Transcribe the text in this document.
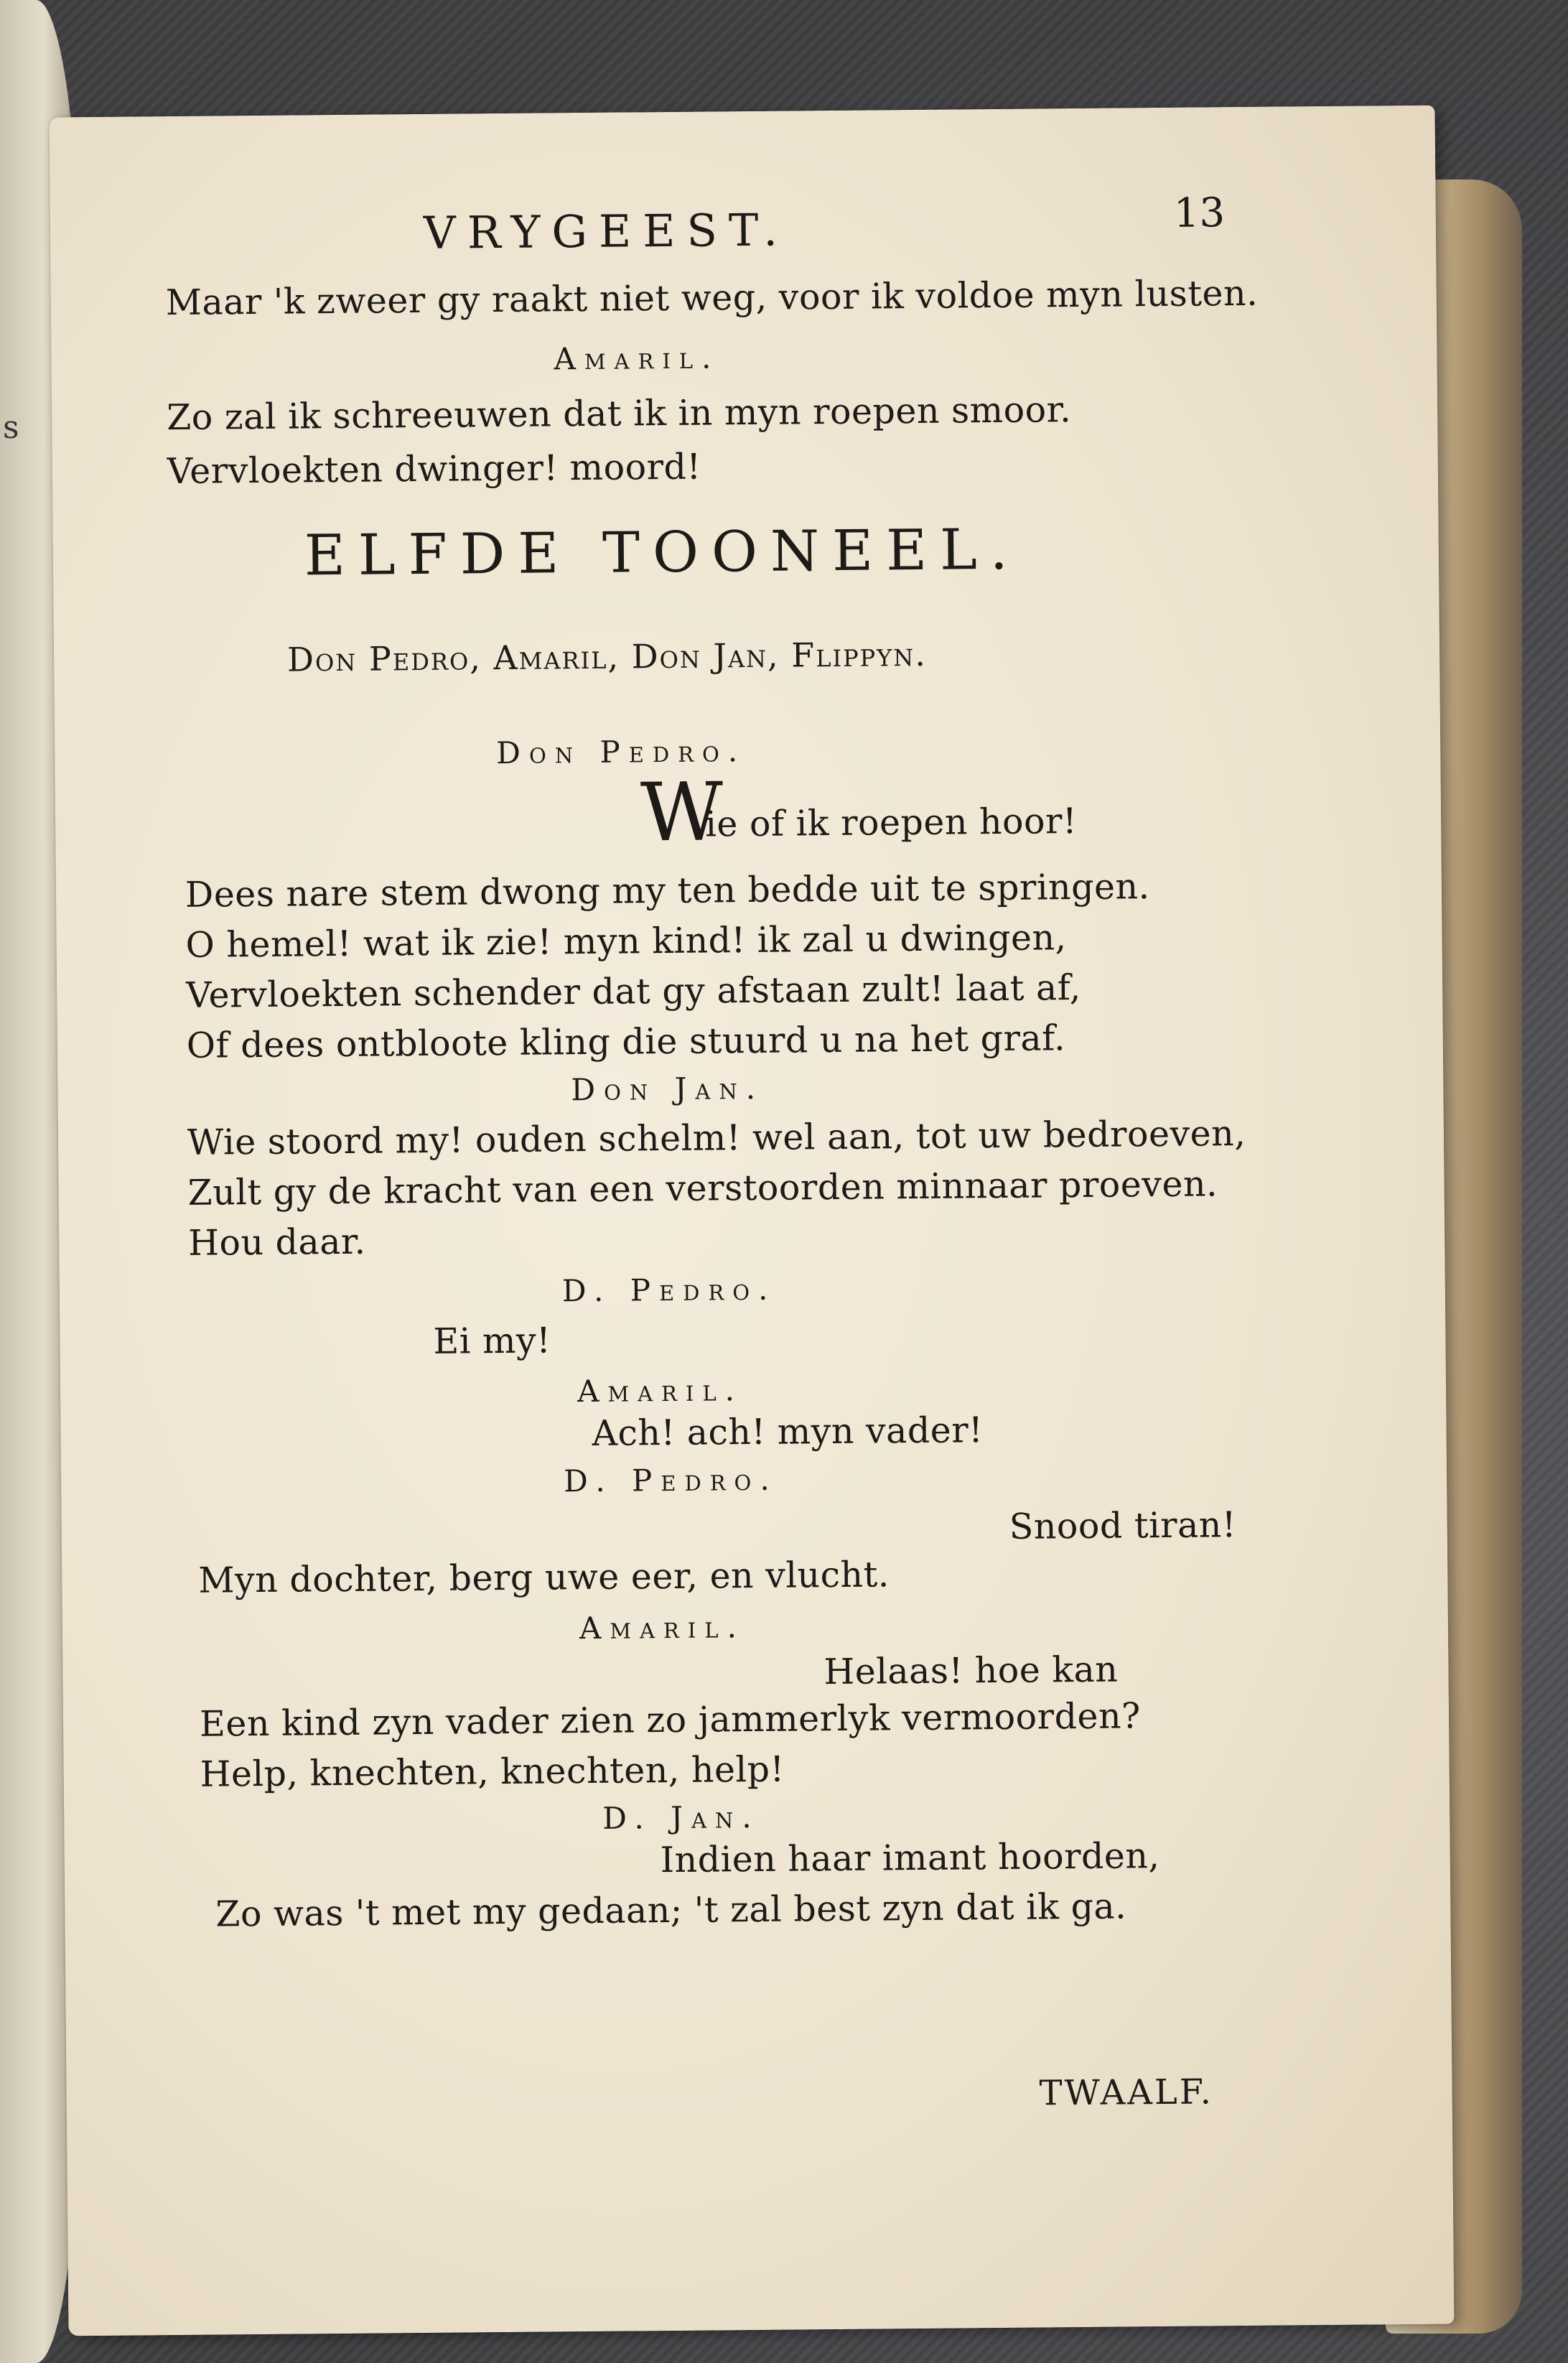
s
VRYGEEST.	13
Maar 'k zweer gy raakt niet weg, voor ik voldoe myn lusten.
Amaril.
Zo zal ik schreeuwen dat ik in myn roepen smoor.
Vervloekten dwinger! moord!
ELFDE TOONEEL.
Don Pedro, Amaril, Don Jan, Flippyn.
Don Pedro.
W
ie of ik roepen hoor!
Dees nare stem dwong my ten bedde uit te springen.
O hemel! wat ik zie! myn kind! ik zal u dwingen,
Vervloekten schender dat gy afstaan zult! laat af,
Of dees ontbloote kling die stuurd u na het graf.
Don Jan.
Wie stoord my! ouden schelm! wel aan, tot uw bedroeven,
Zult gy de kracht van een verstoorden minnaar proeven.
Hou daar.
D. Pedro.
Ei my!
Amaril.
Ach! ach! myn vader!
D. Pedro.
Snood tiran!
Myn dochter, berg uwe eer, en vlucht.
Amaril.
Helaas! hoe kan
Een kind zyn vader zien zo jammerlyk vermoorden?
Help, knechten, knechten, help!
D. Jan.
Indien haar imant hoorden,
Zo was 't met my gedaan; 't zal best zyn dat ik ga.
TWAALF.
